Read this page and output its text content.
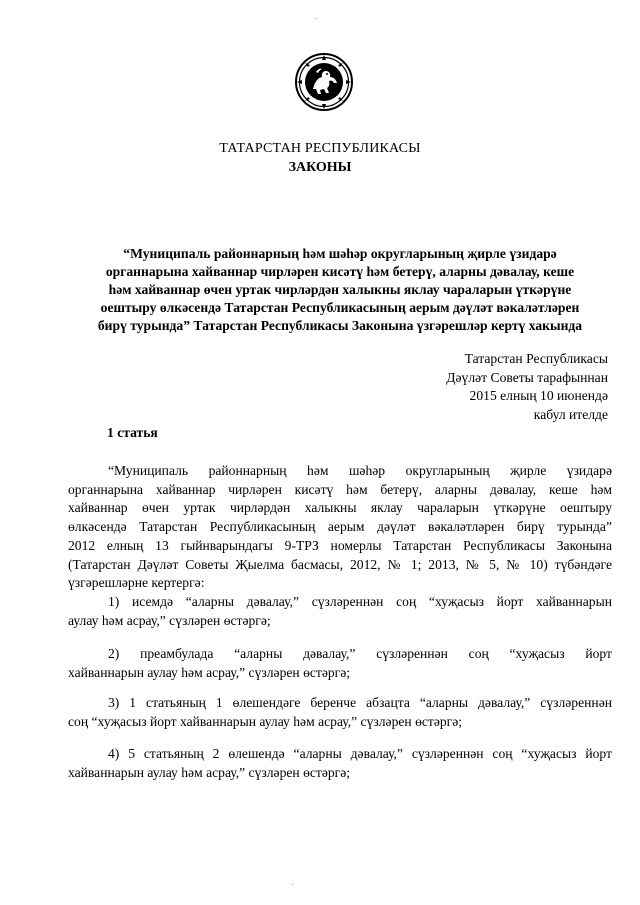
ТАТАРСТАН РЕСПУБЛИКАСЫ
ЗАКОНЫ
“Муниципаль районнарның һәм шәһәр округларының җирле үзидарә
органнарына хайваннар чирләрен кисәтү һәм бетерү, аларны дәвалау, кеше
һәм хайваннар өчен уртак чирләрдән халыкны яклау чараларын үткәрүне
оештыру өлкәсендә Татарстан Республикасының аерым дәүләт вәкаләтләрен
бирү турында” Татарстан Республикасы Законына үзгәрешләр кертү хакында
Татарстан Республикасы
Дәүләт Советы тарафыннан
2015 елның 10 июнендә
кабул ителде
1 статья
“Муниципаль районнарның һәм шәһәр округларының җирле үзидарә
органнарына хайваннар чирләрен кисәтү һәм бетерү, аларны дәвалау, кеше һәм
хайваннар өчен уртак чирләрдән халыкны яклау чараларын үткәрүне оештыру
өлкәсендә Татарстан Республикасының аерым дәүләт вәкаләтләрен бирү турында”
2012 елның 13 гыйнварындагы 9-ТРЗ номерлы Татарстан Республикасы Законына
(Татарстан Дәүләт Советы Җыелма басмасы, 2012, № 1; 2013, № 5, № 10) түбәндәге
үзгәрешләрне кертергә:
1) исемдә “аларны дәвалау,” сүзләреннән соң “хуҗасыз йорт хайваннарын
аулау һәм асрау,” сүзләрен өстәргә;
2) преамбулада “аларны дәвалау,” сүзләреннән соң “хуҗасыз йорт
хайваннарын аулау һәм асрау,” сүзләрен өстәргә;
3) 1 статьяның 1 өлешендәге беренче абзацта “аларны дәвалау,” сүзләреннән
соң “хуҗасыз йорт хайваннарын аулау һәм асрау,” сүзләрен өстәргә;
4) 5 статьяның 2 өлешендә “аларны дәвалау,” сүзләреннән соң “хуҗасыз йорт
хайваннарын аулау һәм асрау,” сүзләрен өстәргә;
